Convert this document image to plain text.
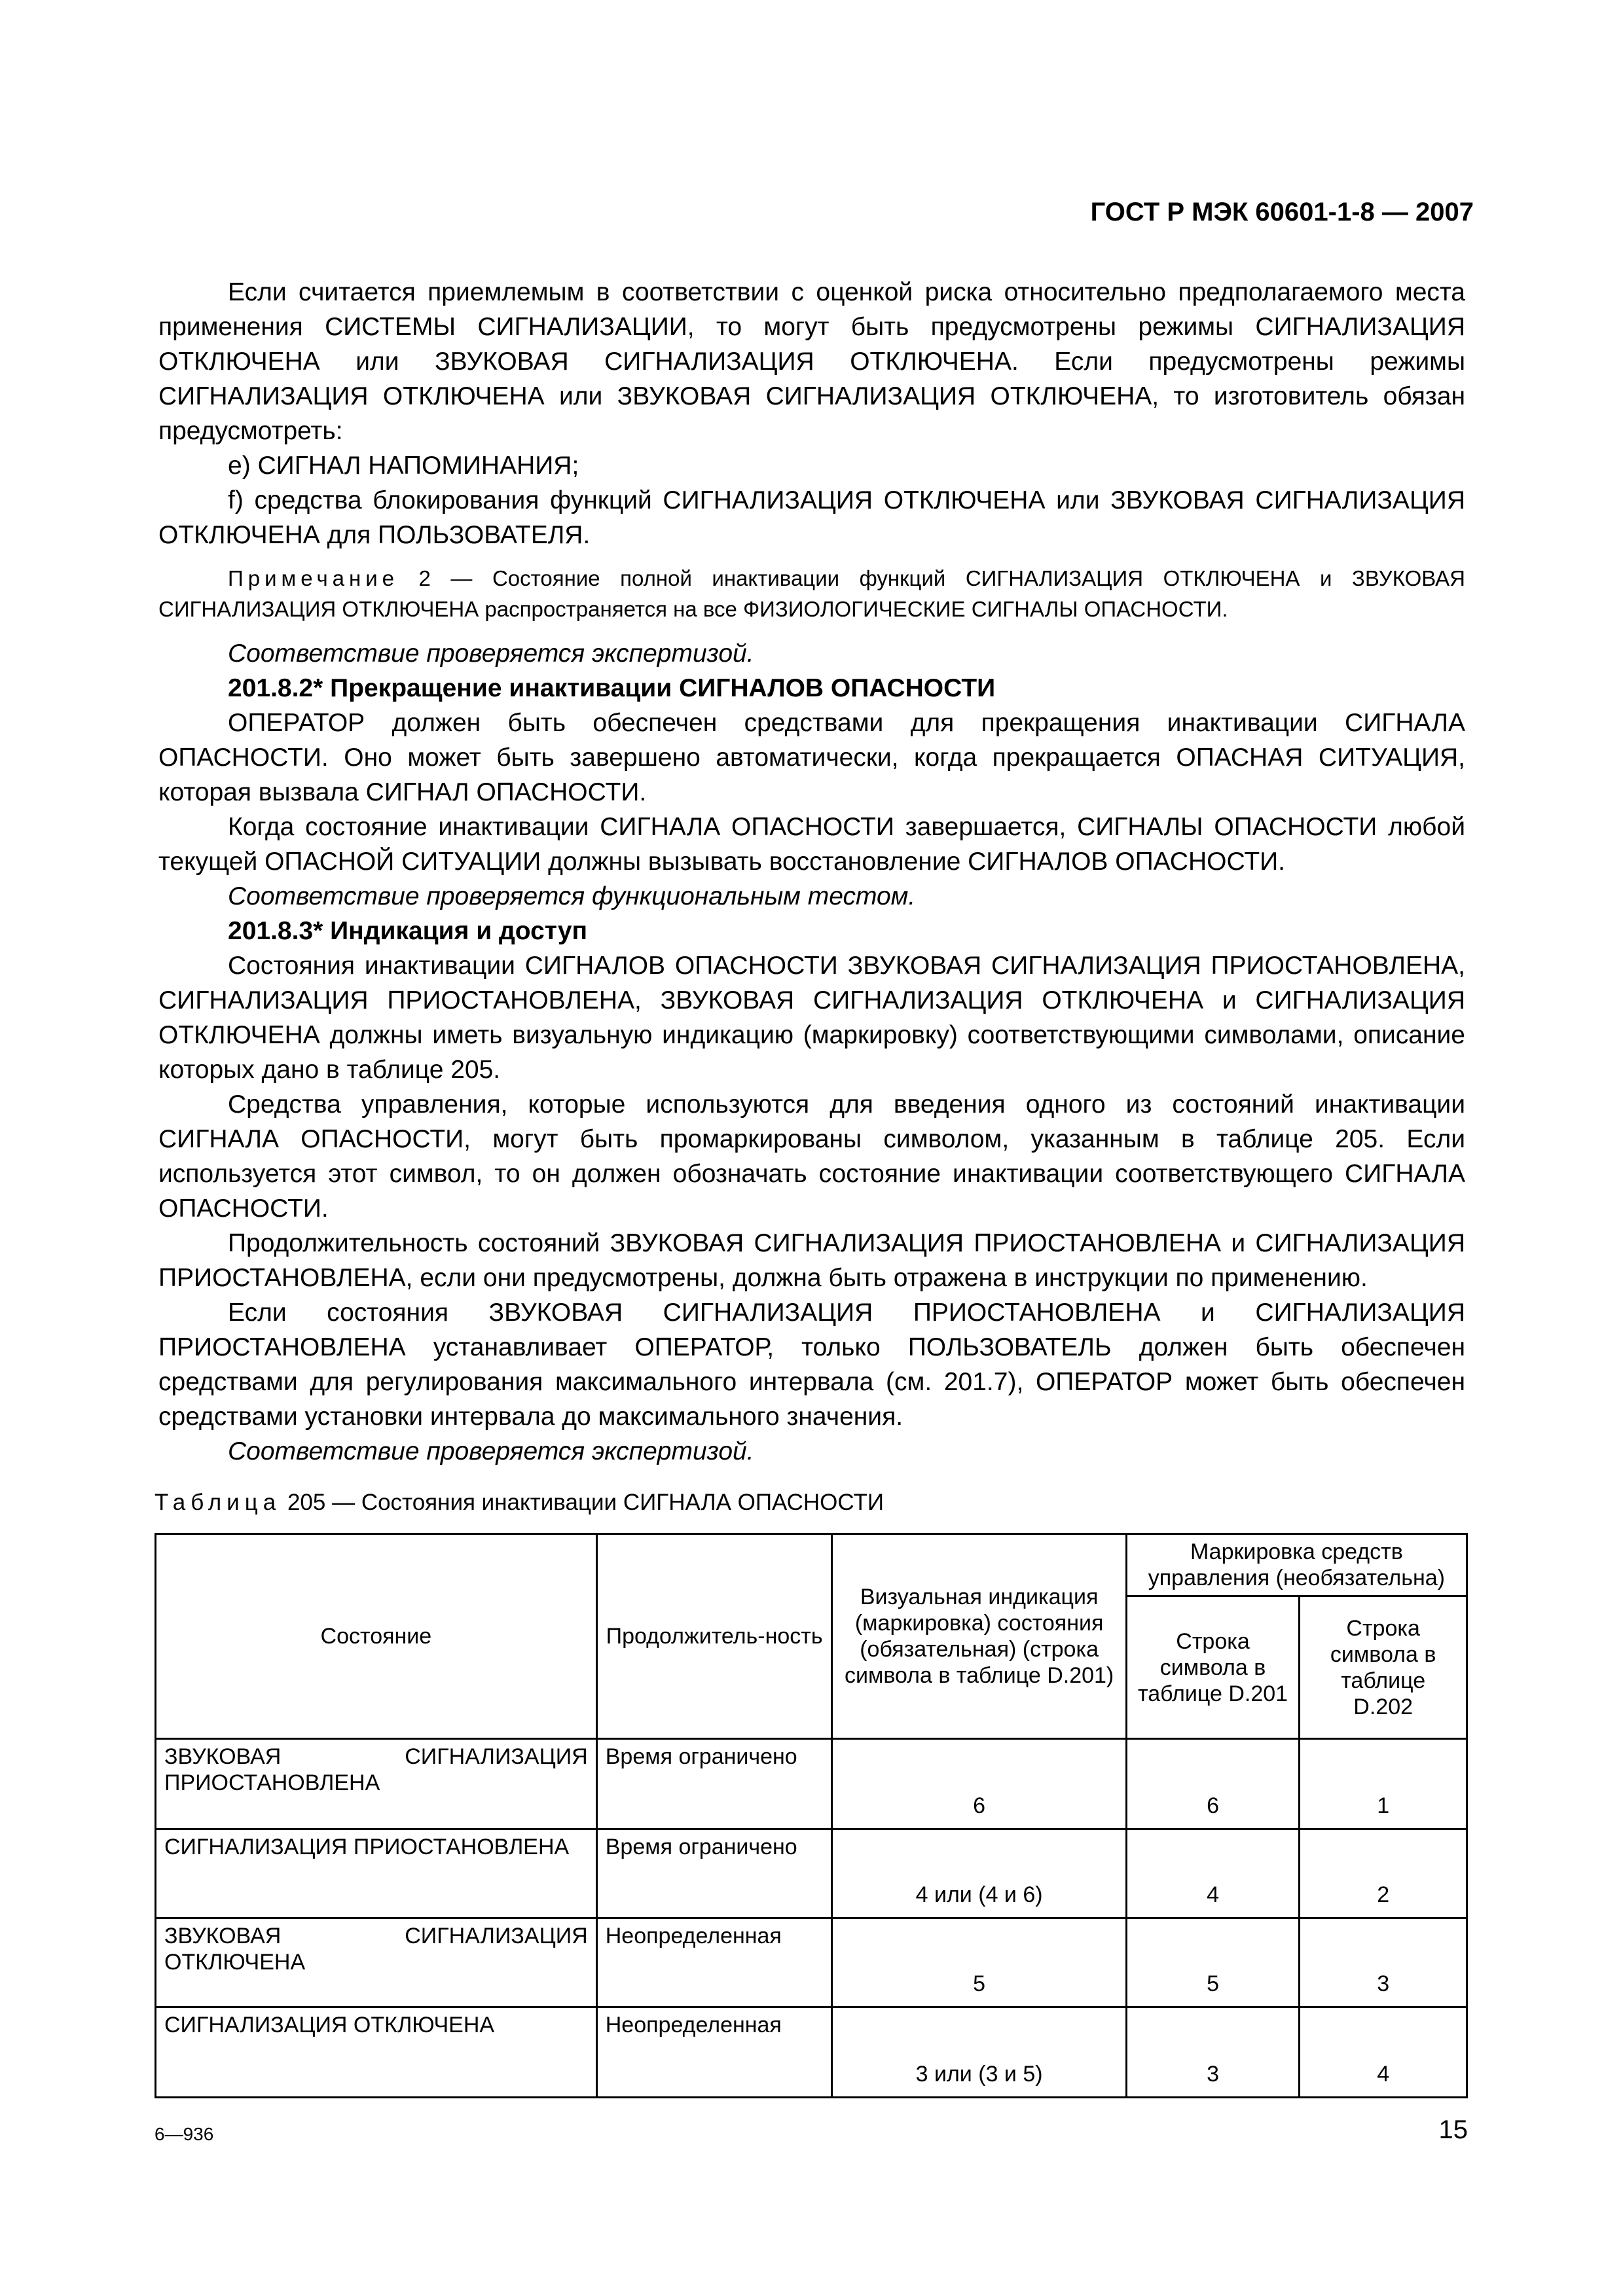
ГОСТ Р МЭК 60601-1-8 — 2007

Если считается приемлемым в соответствии с оценкой риска относительно предполагаемого места применения СИСТЕМЫ СИГНАЛИЗАЦИИ, то могут быть предусмотрены режимы СИГНАЛИЗАЦИЯ ОТКЛЮЧЕНА или ЗВУКОВАЯ СИГНАЛИЗАЦИЯ ОТКЛЮЧЕНА. Если предусмотрены режимы СИГНАЛИЗАЦИЯ ОТКЛЮЧЕНА или ЗВУКОВАЯ СИГНАЛИЗАЦИЯ ОТКЛЮЧЕНА, то изготовитель обязан предусмотреть:

е) СИГНАЛ НАПОМИНАНИЯ;

f) средства блокирования функций СИГНАЛИЗАЦИЯ ОТКЛЮЧЕНА или ЗВУКОВАЯ СИГНАЛИЗАЦИЯ ОТКЛЮЧЕНА для ПОЛЬЗОВАТЕЛЯ.

Примечание 2 — Состояние полной инактивации функций СИГНАЛИЗАЦИЯ ОТКЛЮЧЕНА и ЗВУКОВАЯ СИГНАЛИЗАЦИЯ ОТКЛЮЧЕНА распространяется на все ФИЗИОЛОГИЧЕСКИЕ СИГНАЛЫ ОПАСНОСТИ.

Соответствие проверяется экспертизой.

201.8.2* Прекращение инактивации СИГНАЛОВ ОПАСНОСТИ

ОПЕРАТОР должен быть обеспечен средствами для прекращения инактивации СИГНАЛА ОПАСНОСТИ. Оно может быть завершено автоматически, когда прекращается ОПАСНАЯ СИТУАЦИЯ, которая вызвала СИГНАЛ ОПАСНОСТИ.

Когда состояние инактивации СИГНАЛА ОПАСНОСТИ завершается, СИГНАЛЫ ОПАСНОСТИ любой текущей ОПАСНОЙ СИТУАЦИИ должны вызывать восстановление СИГНАЛОВ ОПАСНОСТИ.

Соответствие проверяется функциональным тестом.

201.8.3* Индикация и доступ

Состояния инактивации СИГНАЛОВ ОПАСНОСТИ ЗВУКОВАЯ СИГНАЛИЗАЦИЯ ПРИОСТАНОВЛЕНА, СИГНАЛИЗАЦИЯ ПРИОСТАНОВЛЕНА, ЗВУКОВАЯ СИГНАЛИЗАЦИЯ ОТКЛЮЧЕНА и СИГНАЛИЗАЦИЯ ОТКЛЮЧЕНА должны иметь визуальную индикацию (маркировку) соответствующими символами, описание которых дано в таблице 205.

Средства управления, которые используются для введения одного из состояний инактивации СИГНАЛА ОПАСНОСТИ, могут быть промаркированы символом, указанным в таблице 205. Если используется этот символ, то он должен обозначать состояние инактивации соответствующего СИГНАЛА ОПАСНОСТИ.

Продолжительность состояний ЗВУКОВАЯ СИГНАЛИЗАЦИЯ ПРИОСТАНОВЛЕНА и СИГНАЛИЗАЦИЯ ПРИОСТАНОВЛЕНА, если они предусмотрены, должна быть отражена в инструкции по применению.

Если состояния ЗВУКОВАЯ СИГНАЛИЗАЦИЯ ПРИОСТАНОВЛЕНА и СИГНАЛИЗАЦИЯ ПРИОСТАНОВЛЕНА устанавливает ОПЕРАТОР, только ПОЛЬЗОВАТЕЛЬ должен быть обеспечен средствами для регулирования максимального интервала (см. 201.7), ОПЕРАТОР может быть обеспечен средствами установки интервала до максимального значения.

Соответствие проверяется экспертизой.

Таблица 205 — Состояния инактивации СИГНАЛА ОПАСНОСТИ
Состояние	Продолжитель-ность	Визуальная индикация (маркировка) состояния (обязательная) (строка символа в таблице D.201)	Маркировка средств управления (необязательна)	
			Строка символа в таблице D.201	Строка символа в таблице D.202
ЗВУКОВАЯ СИГНАЛИЗАЦИЯ ПРИОСТАНОВЛЕНА	Время ограничено	6	6	1
СИГНАЛИЗАЦИЯ ПРИОСТАНОВЛЕНА	Время ограничено	4 или (4 и 6)	4	2
ЗВУКОВАЯ СИГНАЛИЗАЦИЯ ОТКЛЮЧЕНА	Неопределенная	5	5	3
СИГНАЛИЗАЦИЯ ОТКЛЮЧЕНА	Неопределенная	3 или (3 и 5)	3	4
6—936	15
